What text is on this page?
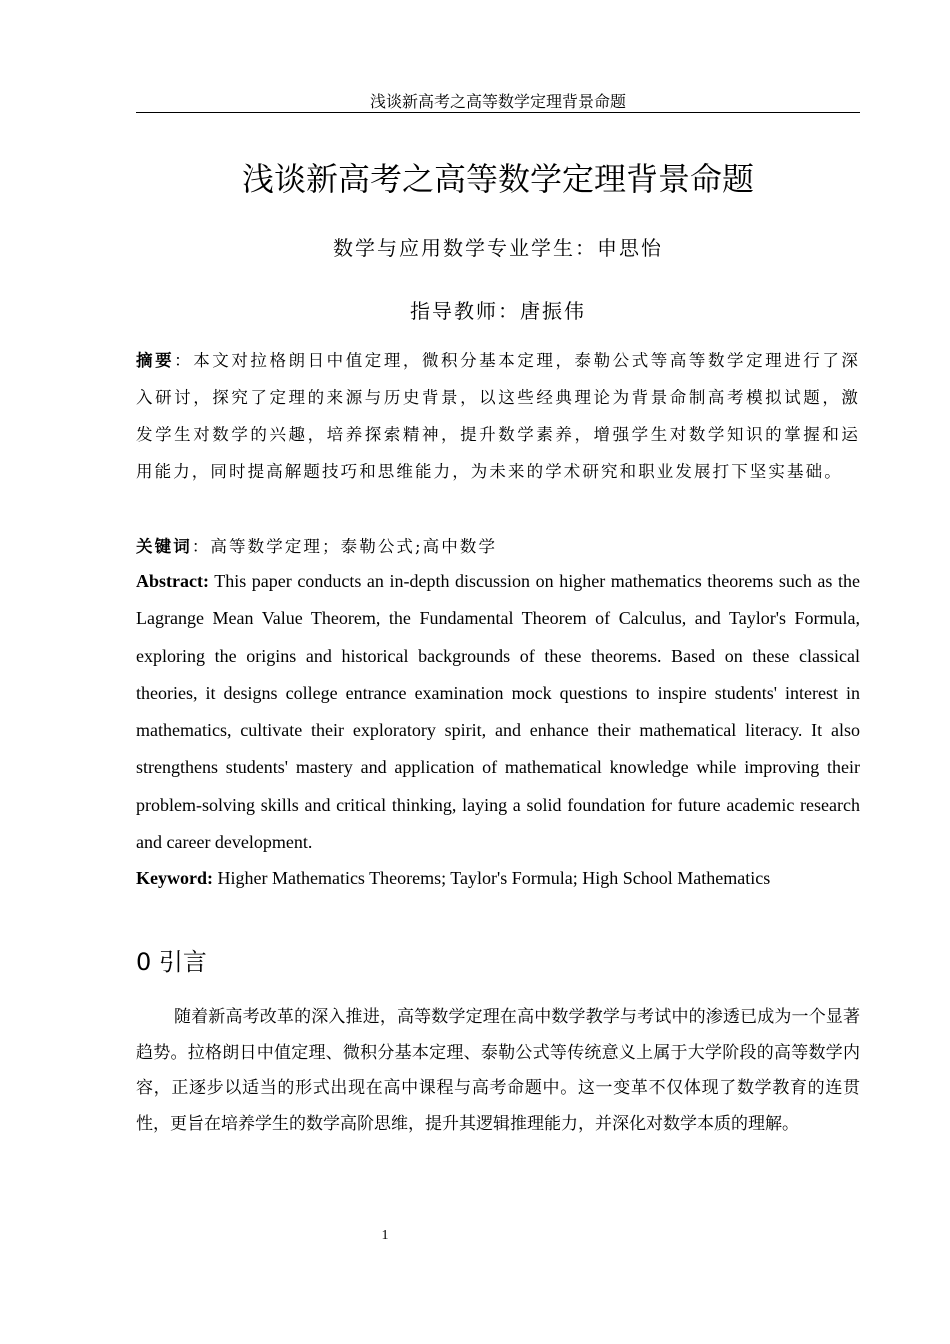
浅谈新高考之高等数学定理背景命题
浅谈新高考之高等数学定理背景命题
数学与应用数学专业学生：申思怡
指导教师：唐振伟
摘要：本文对拉格朗日中值定理，微积分基本定理，泰勒公式等高等数学定理进行了深入研讨，探究了定理的来源与历史背景，以这些经典理论为背景命制高考模拟试题，激发学生对数学的兴趣，培养探索精神，提升数学素养，增强学生对数学知识的掌握和运用能力，同时提高解题技巧和思维能力，为未来的学术研究和职业发展打下坚实基础。
关键词：高等数学定理；泰勒公式;高中数学
Abstract: This paper conducts an in-depth discussion on higher mathematics theorems such as the Lagrange Mean Value Theorem, the Fundamental Theorem of Calculus, and Taylor's Formula, exploring the origins and historical backgrounds of these theorems. Based on these classical theories, it designs college entrance examination mock questions to inspire students' interest in mathematics, cultivate their exploratory spirit, and enhance their mathematical literacy. It also strengthens students' mastery and application of mathematical knowledge while improving their problem-solving skills and critical thinking, laying a solid foundation for future academic research and career development.
Keyword: Higher Mathematics Theorems; Taylor's Formula; High School Mathematics
0 引言

随着新高考改革的深入推进，高等数学定理在高中数学教学与考试中的渗透已成为一个显著趋势。拉格朗日中值定理、微积分基本定理、泰勒公式等传统意义上属于大学阶段的高等数学内容，正逐步以适当的形式出现在高中课程与高考命题中。这一变革不仅体现了数学教育的连贯性，更旨在培养学生的数学高阶思维，提升其逻辑推理能力，并深化对数学本质的理解。

1
